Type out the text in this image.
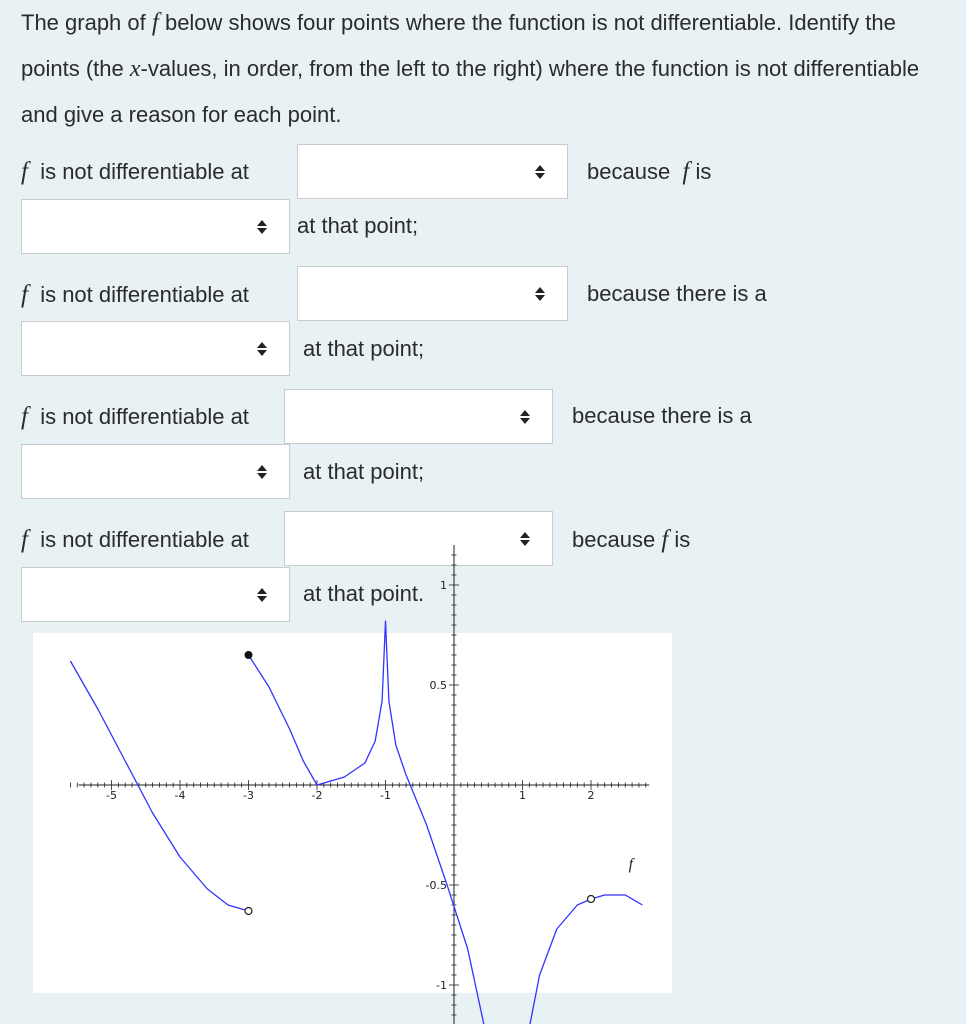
The graph of f below shows four points where the function is not differentiable. Identify the points (the x-values, in order, from the left to the right) where the function is not differentiable and give a reason for each point.
f is not differentiable at	because f is
at that point;
f is not differentiable at	because there is a
at that point;
f is not differentiable at	because there is a
at that point;
f is not differentiable at	because f is
at that point.
-5	-4	-3	-2	-1	1	2
1
0.5
-0.5
-1
f
